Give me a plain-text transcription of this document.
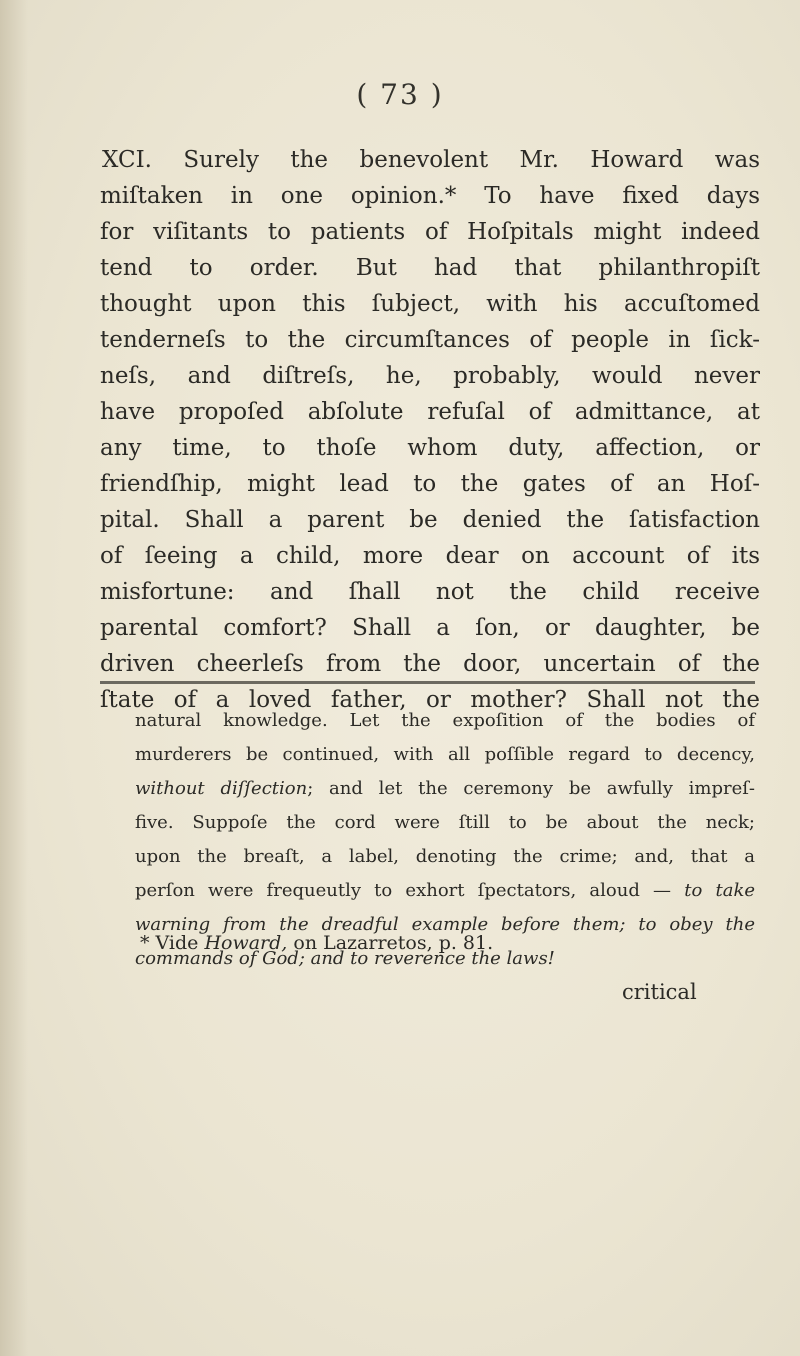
( 73 )
XCI. Surely the benevolent Mr. Howard was
miſtaken in one opinion.* To have fixed days
for viſitants to patients of Hoſpitals might indeed
tend to order. But had that philanthropiſt
thought upon this ſubject, with his accuſtomed
tenderneſs to the circumſtances of people in ſick-
neſs, and diſtreſs, he, probably, would never
have propoſed abſolute refuſal of admittance, at
any time, to thoſe whom duty, affection, or
friendſhip, might lead to the gates of an Hoſ-
pital. Shall a parent be denied the ſatisfaction
of ſeeing a child, more dear on account of its
misfortune: and ſhall not the child receive
parental comfort? Shall a ſon, or daughter, be
driven cheerleſs from the door, uncertain of the
ſtate of a loved father, or mother? Shall not the
natural knowledge. Let the expoſition of the bodies of
murderers be continued, with all poſſible regard to decency,
without diſſection; and let the ceremony be awfully impreſ-
five. Suppoſe the cord were ſtill to be about the neck;
upon the breaſt, a label, denoting the crime; and, that a
perſon were frequeutly to exhort ſpectators, aloud — to take
warning from the dreadful example before them; to obey the
commands of God; and to reverence the laws!
* Vide Howard, on Lazarretos, p. 81.
critical
